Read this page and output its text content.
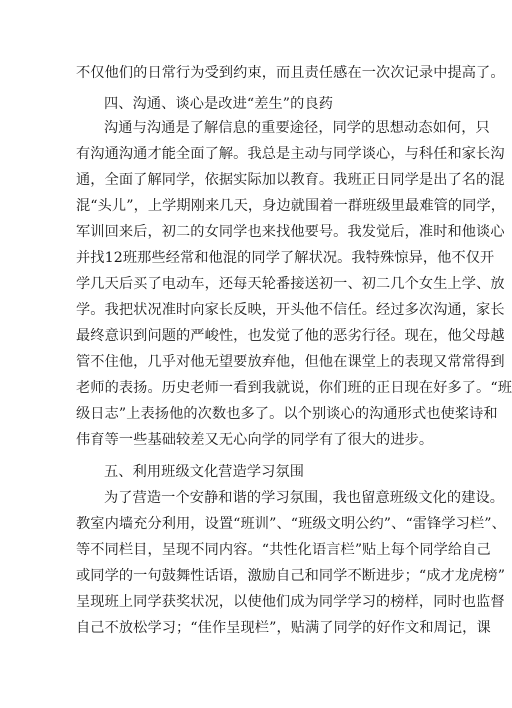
不仅他们的日常行为受到约束，而且责任感在一次次记录中提高了。
四、沟通、谈心是改进“差生”的良药
沟通与沟通是了解信息的重要途径，同学的思想动态如何，只
有沟通沟通才能全面了解。我总是主动与同学谈心，与科任和家长沟
通，全面了解同学，依据实际加以教育。我班正日同学是出了名的混
混“头儿”，上学期刚来几天，身边就围着一群班级里最难管的同学，
军训回来后，初二的女同学也来找他要号。我发觉后，准时和他谈心
并找12班那些经常和他混的同学了解状况。我特殊惊异，他不仅开
学几天后买了电动车，还每天轮番接送初一、初二几个女生上学、放
学。我把状况准时向家长反映，开头他不信任。经过多次沟通，家长
最终意识到问题的严峻性，也发觉了他的恶劣行径。现在，他父母越
管不住他，几乎对他无望要放弃他，但他在课堂上的表现又常常得到
老师的表扬。历史老师一看到我就说，你们班的正日现在好多了。“班
级日志”上表扬他的次数也多了。以个别谈心的沟通形式也使桨诗和
伟育等一些基础较差又无心向学的同学有了很大的进步。
五、利用班级文化营造学习氛围
为了营造一个安静和谐的学习氛围，我也留意班级文化的建设。
教室内墙充分利用，设置“班训”、“班级文明公约”、“雷锋学习栏”、
等不同栏目，呈现不同内容。“共性化语言栏”贴上每个同学给自己
或同学的一句鼓舞性话语，激励自己和同学不断进步；“成才龙虎榜”
呈现班上同学获奖状况，以使他们成为同学学习的榜样，同时也监督
自己不放松学习；“佳作呈现栏”，贴满了同学的好作文和周记，课
